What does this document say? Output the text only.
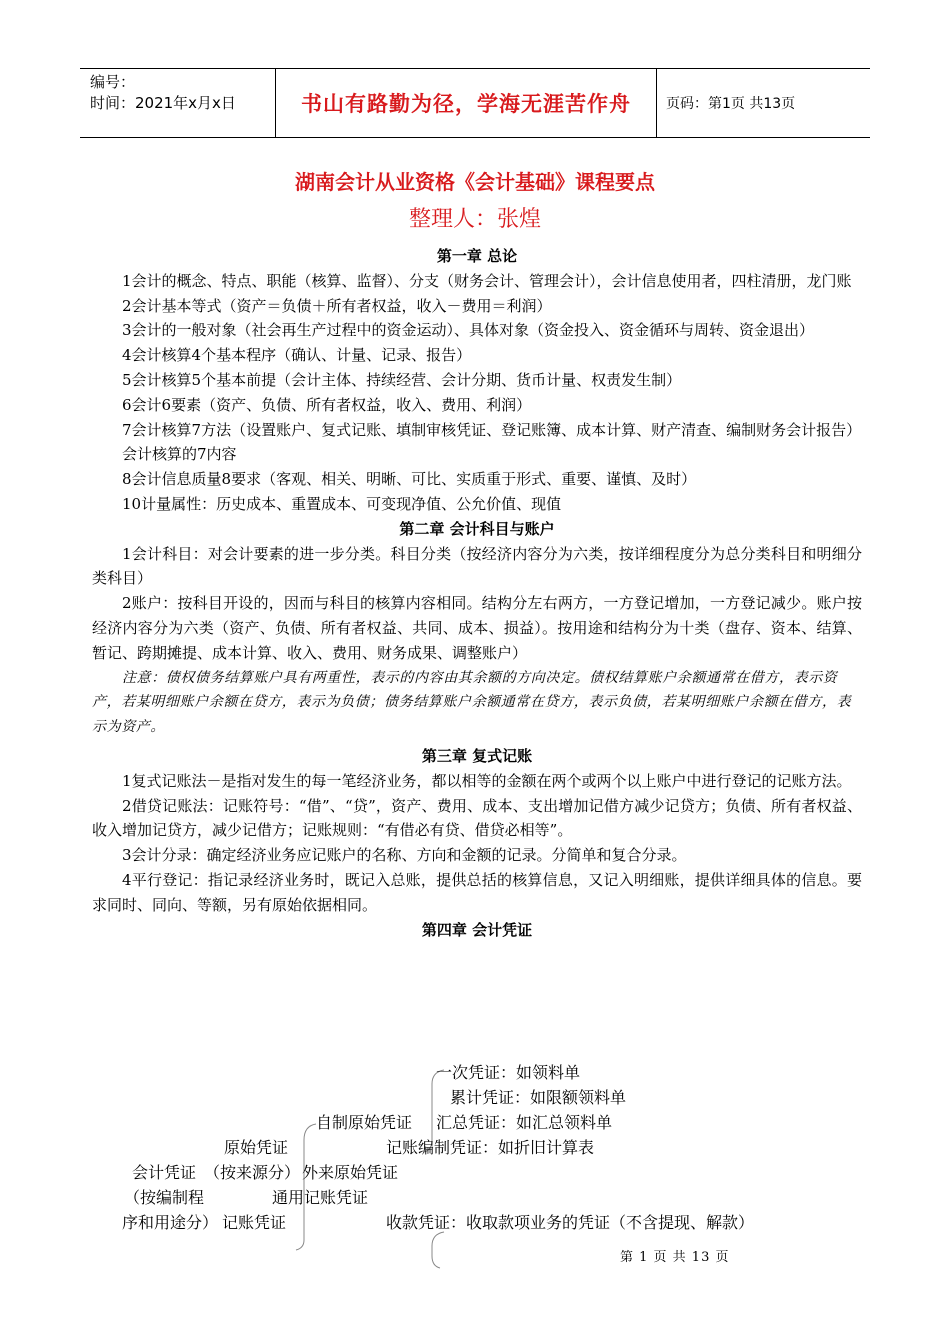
编号：
时间：2021年x月x日	书山有路勤为径，学海无涯苦作舟	页码：第1页 共13页
湖南会计从业资格《会计基础》课程要点
整理人：张煌
第一章 总论

1会计的概念、特点、职能（核算、监督）、分支（财务会计、管理会计），会计信息使用者，四柱清册，龙门账

2会计基本等式（资产＝负债＋所有者权益，收入－费用＝利润）

3会计的一般对象（社会再生产过程中的资金运动）、具体对象（资金投入、资金循环与周转、资金退出）

4会计核算4个基本程序（确认、计量、记录、报告）

5会计核算5个基本前提（会计主体、持续经营、会计分期、货币计量、权责发生制）

6会计6要素（资产、负债、所有者权益，收入、费用、利润）

7会计核算7方法（设置账户、复式记账、填制审核凭证、登记账簿、成本计算、财产清查、编制财务会计报告）

会计核算的7内容

8会计信息质量8要求（客观、相关、明晰、可比、实质重于形式、重要、谨慎、及时）

10计量属性：历史成本、重置成本、可变现净值、公允价值、现值

第二章 会计科目与账户

1会计科目：对会计要素的进一步分类。科目分类（按经济内容分为六类，按详细程度分为总分类科目和明细分类科目）

2账户：按科目开设的，因而与科目的核算内容相同。结构分左右两方，一方登记增加，一方登记减少。账户按经济内容分为六类（资产、负债、所有者权益、共同、成本、损益）。按用途和结构分为十类（盘存、资本、结算、暂记、跨期摊提、成本计算、收入、费用、财务成果、调整账户）

注意：债权债务结算账户具有两重性，表示的内容由其余额的方向决定。债权结算账户余额通常在借方，表示资产，若某明细账户余额在贷方，表示为负债；债务结算账户余额通常在贷方，表示负债，若某明细账户余额在借方，表示为资产。

第三章 复式记账

1复式记账法－是指对发生的每一笔经济业务，都以相等的金额在两个或两个以上账户中进行登记的记账方法。

2借贷记账法：记账符号：“借”、“贷”，资产、费用、成本、支出增加记借方减少记贷方；负债、所有者权益、收入增加记贷方，减少记借方；记账规则：“有借必有贷、借贷必相等”。

3会计分录：确定经济业务应记账户的名称、方向和金额的记录。分简单和复合分录。

4平行登记：指记录经济业务时，既记入总账，提供总括的核算信息，又记入明细账，提供详细具体的信息。要求同时、同向、等额，另有原始依据相同。

第四章 会计凭证
一次凭证：如领料单
累计凭证：如限额领料单
自制原始凭证 汇总凭证：如汇总领料单
原始凭证	记账编制凭证：如折旧计算表
会计凭证 （按来源分） 外来原始凭证
（按编制程	通用记账凭证
序和用途分） 记账凭证	收款凭证：收取款项业务的凭证（不含提现、解款）
第 1 页 共 13 页
